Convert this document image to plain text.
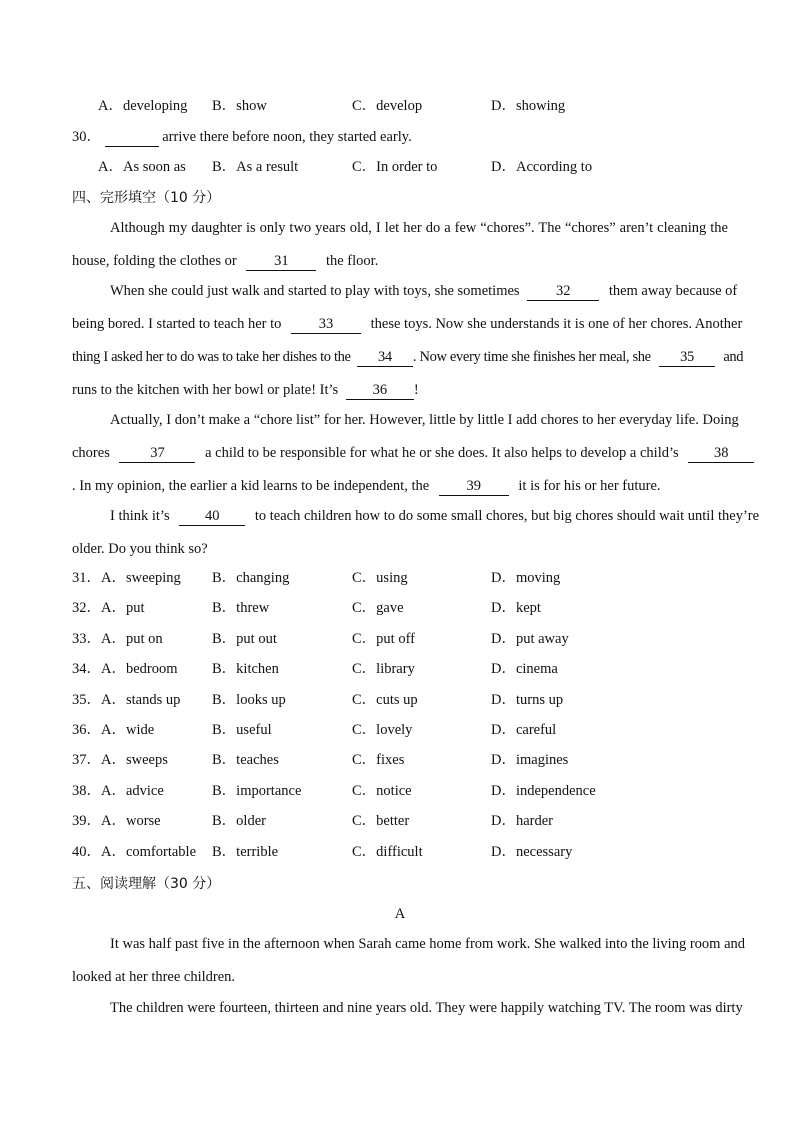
A．developing B．show	C．develop	D．showing
30．	arrive there before noon, they started early.
A．As soon as B．As a result	C．In order to	D．According to
四、完形填空（10 分）
Although my daughter is only two years old, I let her do a few “chores”. The “chores” aren’t cleaning the
house, folding the clothes or	31	the floor.
When she could just walk and started to play with toys, she sometimes	32	them away because of
being bored. I started to teach her to	33	these toys. Now she understands it is one of her chores. Another
thing I asked her to do was to take her dishes to the 34 . Now every time she finishes her meal, she 35 and
runs to the kitchen with her bowl or plate! It’s 36 !
Actually, I don’t make a “chore list” for her. However, little by little I add chores to her everyday life. Doing
chores	37	a child to be responsible for what he or she does. It also helps to develop a child’s 38
. In my opinion, the earlier a kid learns to be independent, the	39	it is for his or her future.
I think it’s 40 to teach children how to do some small chores, but big chores should wait until they’re
older. Do you think so?
31． A．sweeping B．changing	C．using	D．moving
32． A．put	B．threw	C．gave	D．kept
33． A．put on	B．put out	C．put off	D．put away
34． A．bedroom B．kitchen	C．library	D．cinema
35． A．stands up B．looks up	C．cuts up	D．turns up
36． A．wide	B．useful	C．lovely	D．careful
37． A．sweeps	B．teaches	C．fixes	D．imagines
38． A．advice	B．importance	C．notice	D．independence
39． A．worse	B．older	C．better	D．harder
40． A．comfortable B．terrible	C．difficult	D．necessary
五、阅读理解（30 分）
A
It was half past five in the afternoon when Sarah came home from work. She walked into the living room and
looked at her three children.
The children were fourteen, thirteen and nine years old. They were happily watching TV. The room was dirty
